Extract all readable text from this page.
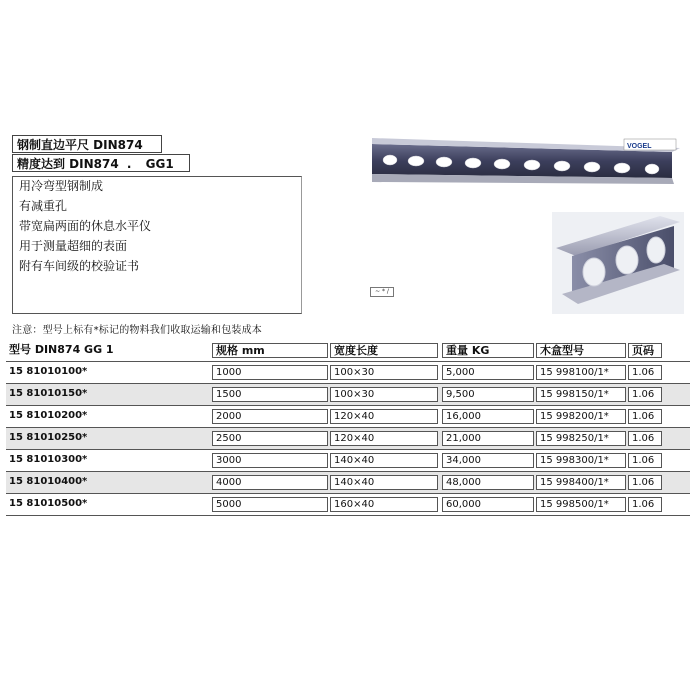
钢制直边平尺 DIN874
精度达到 DIN874 . GG1
用冷弯型钢制成
有减重孔
带宽扁两面的休息水平仪
用于测量超细的表面
附有车间级的校验证书
注意：型号上标有*标记的物料我们收取运输和包装成本
~ * /
VOGEL
型号 DIN874 GG 1	规格 mm	宽度长度	重量 KG	木盒型号	页码
15 81010100*	1000	100×30	5,000	15 998100/1*	1.06
15 81010150*	1500	100×30	9,500	15 998150/1*	1.06
15 81010200*	2000	120×40	16,000	15 998200/1*	1.06
15 81010250*	2500	120×40	21,000	15 998250/1*	1.06
15 81010300*	3000	140×40	34,000	15 998300/1*	1.06
15 81010400*	4000	140×40	48,000	15 998400/1*	1.06
15 81010500*	5000	160×40	60,000	15 998500/1*	1.06
